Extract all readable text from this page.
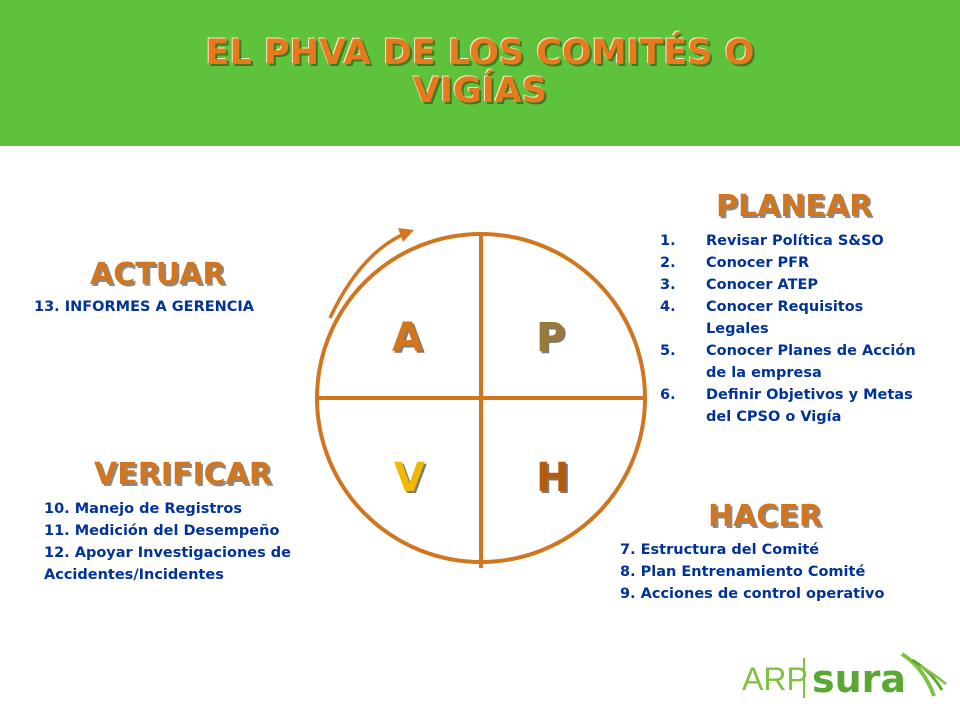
EL PHVA DE LOS COMITÉS O
VIGÍAS
A	P
V	H
PLANEAR
1. Revisar Política S&SO
2. Conocer PFR
3. Conocer ATEP
4. Conocer Requisitos
Legales
5. Conocer Planes de Acción
de la empresa
6. Definir Objetivos y Metas
del CPSO o Vigía
ACTUAR
13. INFORMES A GERENCIA
VERIFICAR
10. Manejo de Registros
11. Medición del Desempeño
12. Apoyar Investigaciones de
Accidentes/Incidentes
HACER
7. Estructura del Comité
8. Plan Entrenamiento Comité
9. Acciones de control operativo
ARP sura
